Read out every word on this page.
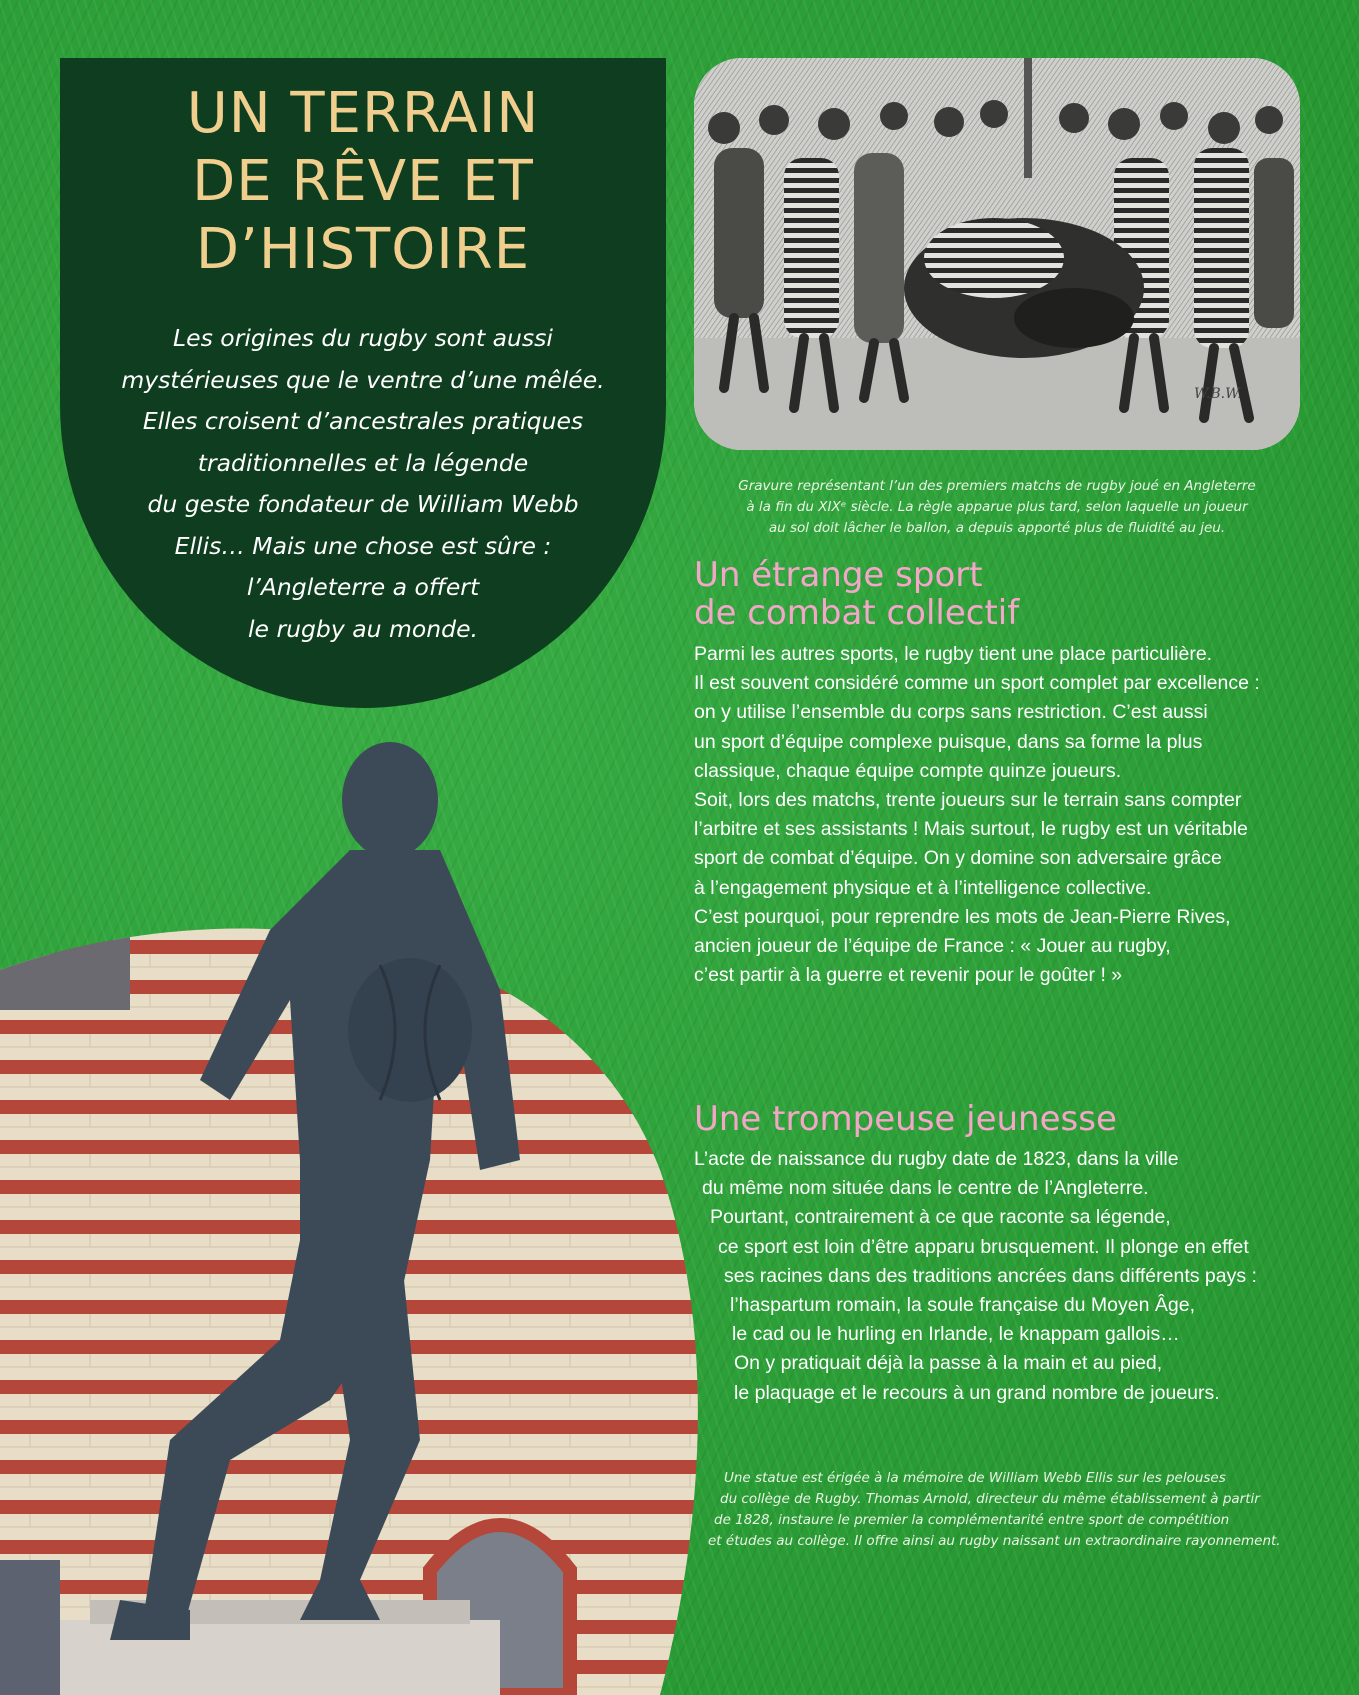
UN TERRAIN
DE RÊVE ET
D’HISTOIRE
Les origines du rugby sont aussi
mystérieuses que le ventre d’une mêlée.
Elles croisent d’ancestrales pratiques
traditionnelles et la légende
du geste fondateur de William Webb
Ellis… Mais une chose est sûre :
l’Angleterre a offert
le rugby au monde.
W.B.W.
Gravure représentant l’un des premiers matchs de rugby joué en Angleterre
à la fin du XIXᵉ siècle. La règle apparue plus tard, selon laquelle un joueur
au sol doit lâcher le ballon, a depuis apporté plus de fluidité au jeu.
Un étrange sport
de combat collectif
Parmi les autres sports, le rugby tient une place particulière.
Il est souvent considéré comme un sport complet par excellence :
on y utilise l’ensemble du corps sans restriction. C’est aussi
un sport d’équipe complexe puisque, dans sa forme la plus
classique, chaque équipe compte quinze joueurs.
Soit, lors des matchs, trente joueurs sur le terrain sans compter
l’arbitre et ses assistants ! Mais surtout, le rugby est un véritable
sport de combat d’équipe. On y domine son adversaire grâce
à l’engagement physique et à l’intelligence collective.
C’est pourquoi, pour reprendre les mots de Jean-Pierre Rives,
ancien joueur de l’équipe de France : « Jouer au rugby,
c’est partir à la guerre et revenir pour le goûter ! »
Une trompeuse jeunesse
L’acte de naissance du rugby date de 1823, dans la ville
du même nom située dans le centre de l’Angleterre.
Pourtant, contrairement à ce que raconte sa légende,
ce sport est loin d’être apparu brusquement. Il plonge en effet
ses racines dans des traditions ancrées dans différents pays :
l’haspartum romain, la soule française du Moyen Âge,
le cad ou le hurling en Irlande, le knappam gallois…
On y pratiquait déjà la passe à la main et au pied,
le plaquage et le recours à un grand nombre de joueurs.
Une statue est érigée à la mémoire de William Webb Ellis sur les pelouses
du collège de Rugby. Thomas Arnold, directeur du même établissement à partir
de 1828, instaure le premier la complémentarité entre sport de compétition
et études au collège. Il offre ainsi au rugby naissant un extraordinaire rayonnement.
